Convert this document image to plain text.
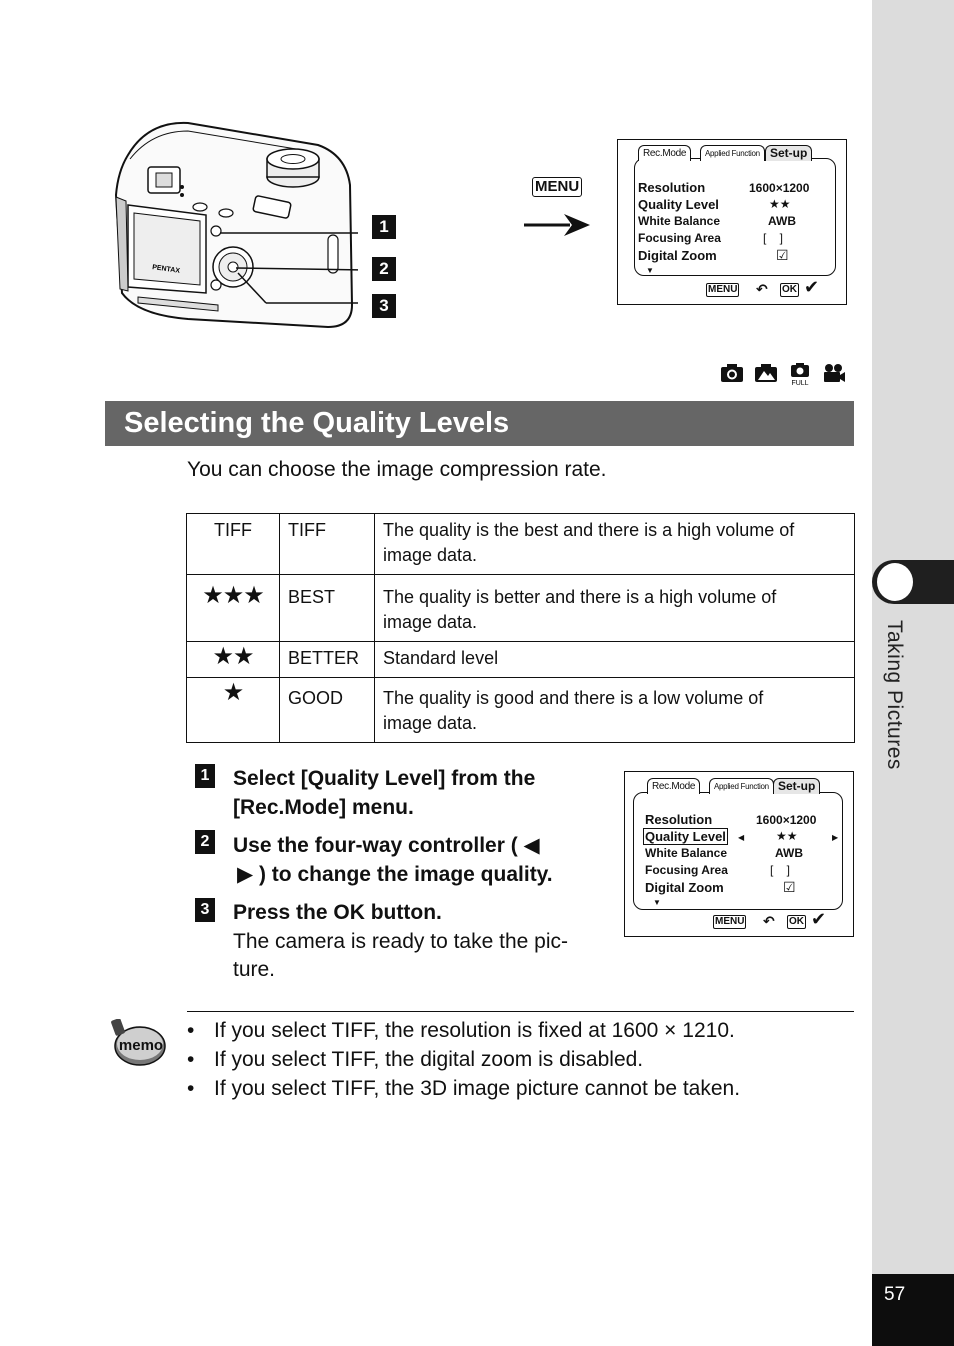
Taking Pictures
57
PENTAX
1
2
3
MENU
Rec.Mode	Applied Function Set-up
Resolution	1600×1200
Quality Level	★★
White Balance	AWB
Focusing Area	[    ]
Digital Zoom	☑
▼
MENU ↶ OK ✔
FULL
Selecting the Quality Levels
You can choose the image compression rate.
TIFF	TIFF	The quality is the best and there is a high volume of image data.
★★★	BEST	The quality is better and there is a high volume of image data.
★★	BETTER	Standard level
★	GOOD	The quality is good and there is a low volume of image data.
1 Select [Quality Level] from the
[Rec.Mode] menu.
2 Use the four-way controller ( ◀
▶ ) to change the image quality.
3 Press the OK button.
The camera is ready to take the pic-
ture.
Rec.Mode	Applied Function Set-up
Resolution	1600×1200
Quality Level ◀	★★	▶
White Balance	AWB
Focusing Area	[    ]
Digital Zoom	☑
▼
MENU ↶ OK ✔
memo
• If you select TIFF, the resolution is fixed at 1600 × 1210.
• If you select TIFF, the digital zoom is disabled.
• If you select TIFF, the 3D image picture cannot be taken.
